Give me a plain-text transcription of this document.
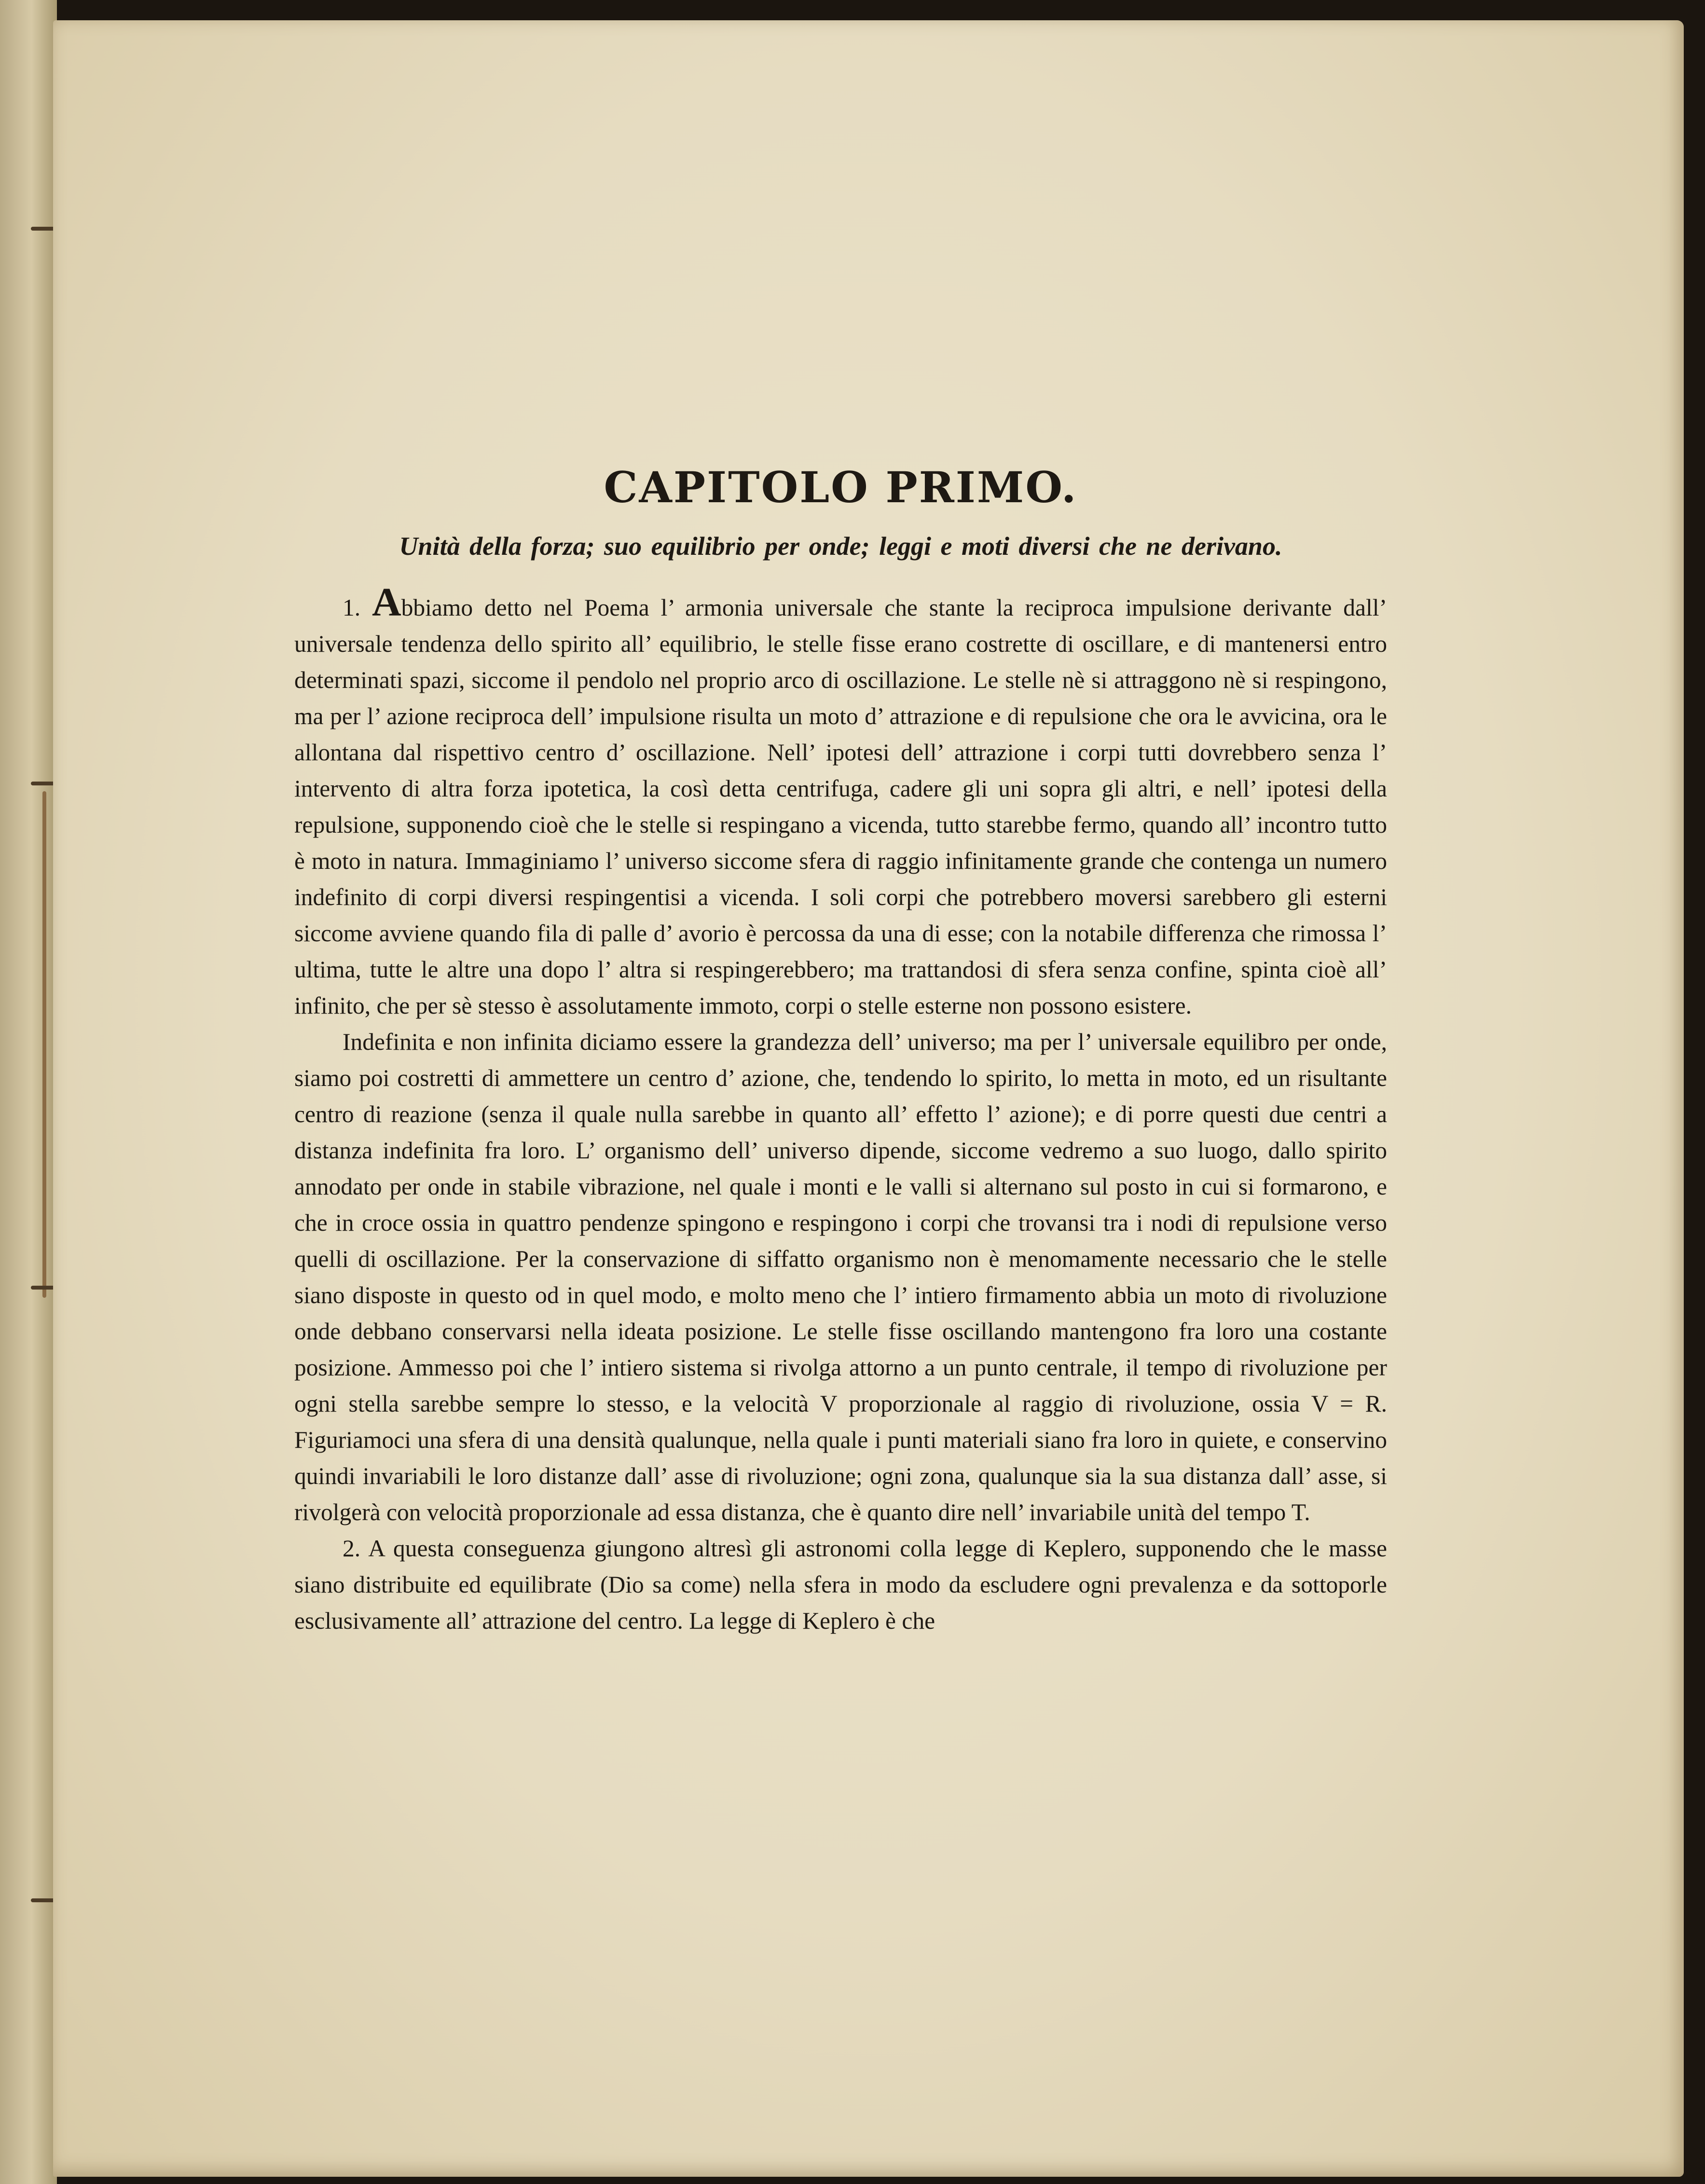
CAPITOLO PRIMO.
Unità della forza; suo equilibrio per onde; leggi e moti diversi che ne derivano.

1. Abbiamo detto nel Poema l’ armonia universale che stante la reciproca impulsione derivante dall’ universale tendenza dello spirito all’ equilibrio, le stelle fisse erano costrette di oscillare, e di mantenersi entro determinati spazi, siccome il pendolo nel proprio arco di oscillazione. Le stelle nè si attraggono nè si respingono, ma per l’ azione reciproca dell’ impulsione risulta un moto d’ attrazione e di repulsione che ora le avvicina, ora le allontana dal rispettivo centro d’ oscillazione. Nell’ ipotesi dell’ attrazione i corpi tutti dovrebbero senza l’ intervento di altra forza ipotetica, la così detta centrifuga, cadere gli uni sopra gli altri, e nell’ ipotesi della repulsione, supponendo cioè che le stelle si respingano a vicenda, tutto starebbe fermo, quando all’ incontro tutto è moto in natura. Immaginiamo l’ universo siccome sfera di raggio infinitamente grande che contenga un numero indefinito di corpi diversi respingentisi a vicenda. I soli corpi che potrebbero moversi sarebbero gli esterni siccome avviene quando fila di palle d’ avorio è percossa da una di esse; con la notabile differenza che rimossa l’ ultima, tutte le altre una dopo l’ altra si respingerebbero; ma trattandosi di sfera senza confine, spinta cioè all’ infinito, che per sè stesso è assolutamente immoto, corpi o stelle esterne non possono esistere.

Indefinita e non infinita diciamo essere la grandezza dell’ universo; ma per l’ universale equilibro per onde, siamo poi costretti di ammettere un centro d’ azione, che, tendendo lo spirito, lo metta in moto, ed un risultante centro di reazione (senza il quale nulla sarebbe in quanto all’ effetto l’ azione); e di porre questi due centri a distanza indefinita fra loro. L’ organismo dell’ universo dipende, siccome vedremo a suo luogo, dallo spirito annodato per onde in stabile vibrazione, nel quale i monti e le valli si alternano sul posto in cui si formarono, e che in croce ossia in quattro pendenze spingono e respingono i corpi che trovansi tra i nodi di repulsione verso quelli di oscillazione. Per la conservazione di siffatto organismo non è menomamente necessario che le stelle siano disposte in questo od in quel modo, e molto meno che l’ intiero firmamento abbia un moto di rivoluzione onde debbano conservarsi nella ideata posizione. Le stelle fisse oscillando mantengono fra loro una costante posizione. Ammesso poi che l’ intiero sistema si rivolga attorno a un punto centrale, il tempo di rivoluzione per ogni stella sarebbe sempre lo stesso, e la velocità V proporzionale al raggio di rivoluzione, ossia V = R. Figuriamoci una sfera di una densità qualunque, nella quale i punti materiali siano fra loro in quiete, e conservino quindi invariabili le loro distanze dall’ asse di rivoluzione; ogni zona, qualunque sia la sua distanza dall’ asse, si rivolgerà con velocità proporzionale ad essa distanza, che è quanto dire nell’ invariabile unità del tempo T.

2. A questa conseguenza giungono altresì gli astronomi colla legge di Keplero, supponendo che le masse siano distribuite ed equilibrate (Dio sa come) nella sfera in modo da escludere ogni prevalenza e da sottoporle esclusivamente all’ attrazione del centro. La legge di Keplero è che
